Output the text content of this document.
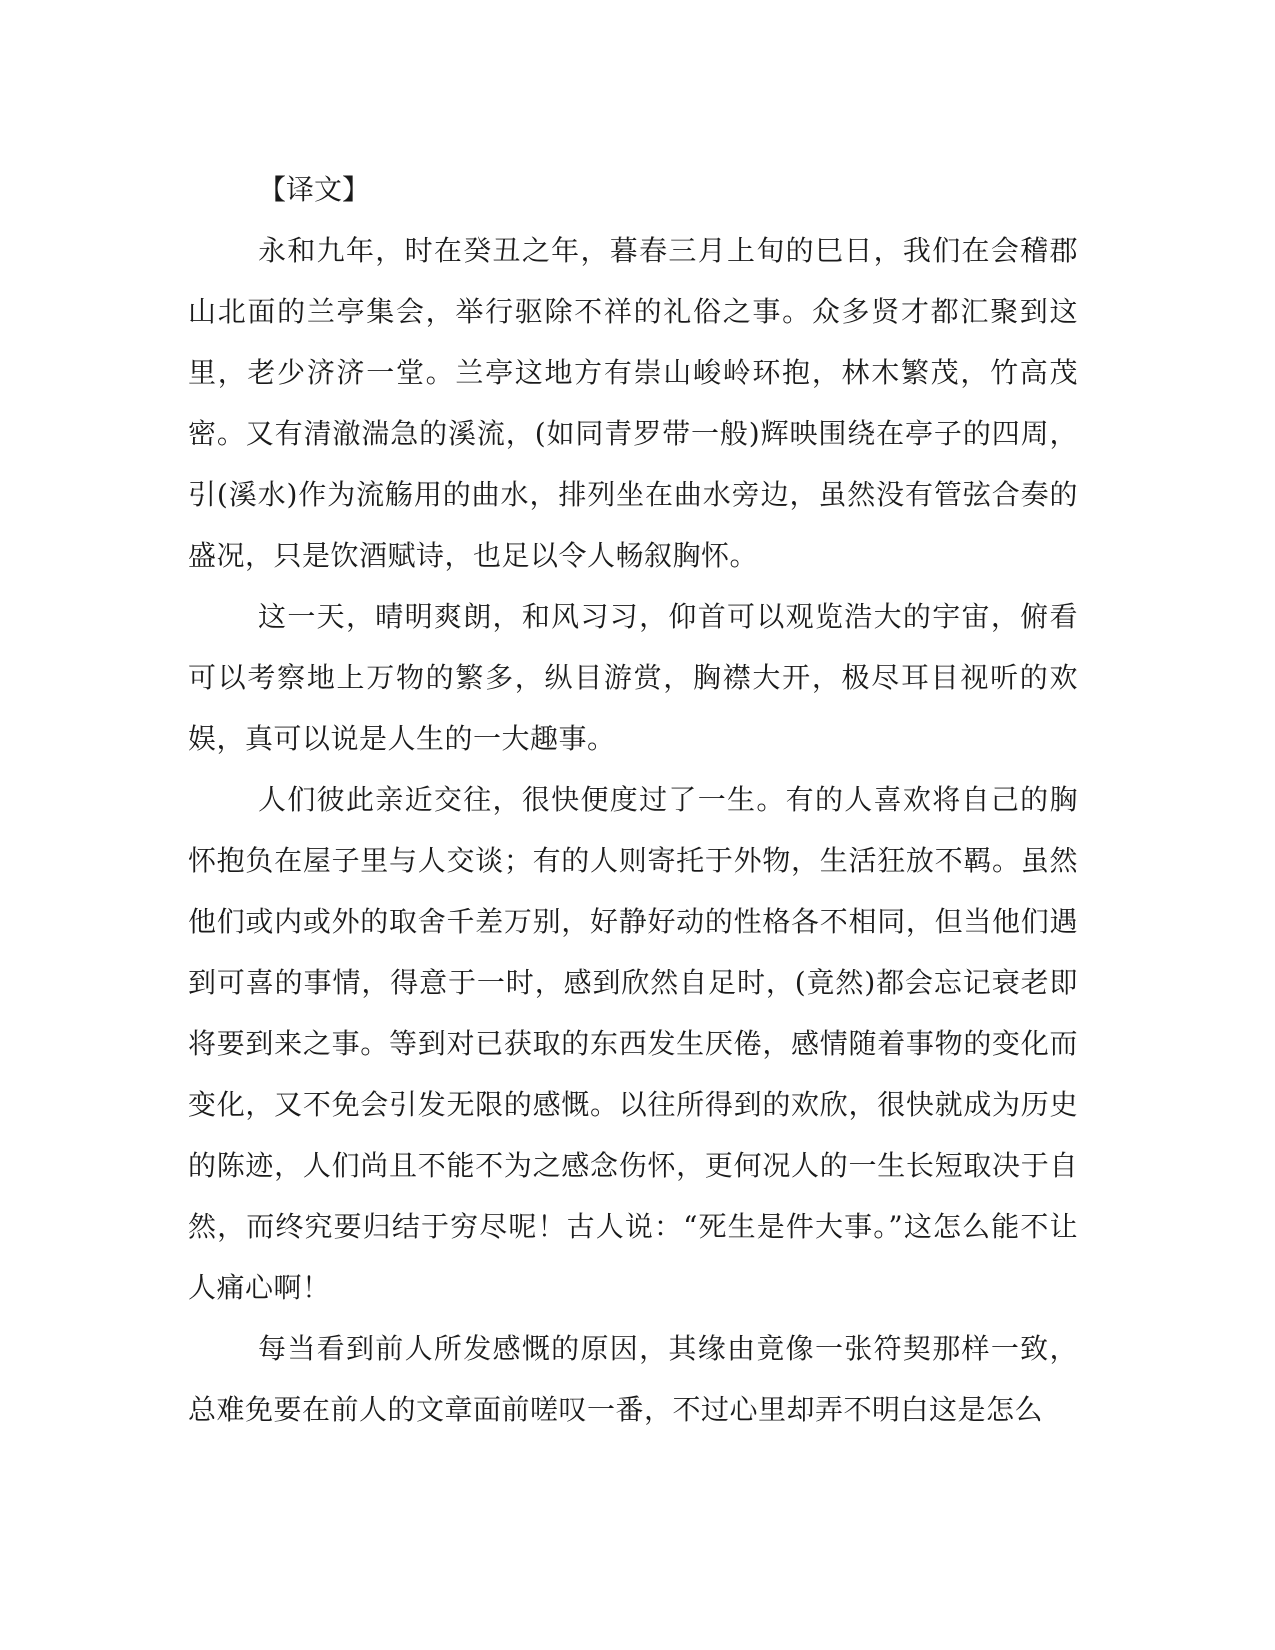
【译文】

永和九年，时在癸丑之年，暮春三月上旬的巳日，我们在会稽郡山北面的兰亭集会，举行驱除不祥的礼俗之事。众多贤才都汇聚到这里，老少济济一堂。兰亭这地方有崇山峻岭环抱，林木繁茂，竹高茂密。又有清澈湍急的溪流，(如同青罗带一般)辉映围绕在亭子的四周，引(溪水)作为流觞用的曲水，排列坐在曲水旁边，虽然没有管弦合奏的盛况，只是饮酒赋诗，也足以令人畅叙胸怀。

这一天，晴明爽朗，和风习习，仰首可以观览浩大的宇宙，俯看可以考察地上万物的繁多，纵目游赏，胸襟大开，极尽耳目视听的欢娱，真可以说是人生的一大趣事。

人们彼此亲近交往，很快便度过了一生。有的人喜欢将自己的胸怀抱负在屋子里与人交谈；有的人则寄托于外物，生活狂放不羁。虽然他们或内或外的取舍千差万别，好静好动的性格各不相同，但当他们遇到可喜的事情，得意于一时，感到欣然自足时，(竟然)都会忘记衰老即将要到来之事。等到对已获取的东西发生厌倦，感情随着事物的变化而变化，又不免会引发无限的感慨。以往所得到的欢欣，很快就成为历史的陈迹，人们尚且不能不为之感念伤怀，更何况人的一生长短取决于自然，而终究要归结于穷尽呢！古人说：“死生是件大事。”这怎么能不让人痛心啊！

每当看到前人所发感慨的原因，其缘由竟像一张符契那样一致，总难免要在前人的文章面前嗟叹一番，不过心里却弄不明白这是怎么
